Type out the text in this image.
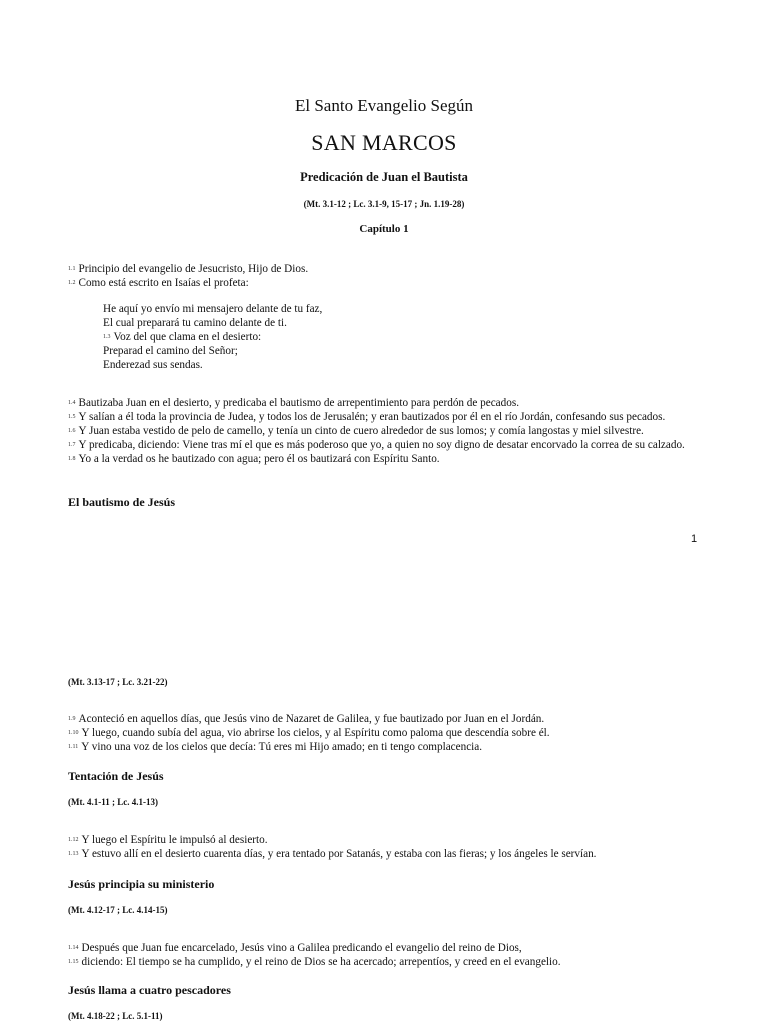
El Santo Evangelio Según
SAN MARCOS
Predicación de Juan el Bautista
(Mt. 3.1-12 ; Lc. 3.1-9, 15-17 ; Jn. 1.19-28)
Capítulo 1
1.1 Principio del evangelio de Jesucristo, Hijo de Dios.
1.2 Como está escrito en Isaías el profeta:
He aquí yo envío mi mensajero delante de tu faz,
El cual preparará tu camino delante de ti.
1.3 Voz del que clama en el desierto:
Preparad el camino del Señor;
Enderezad sus sendas.
1.4 Bautizaba Juan en el desierto, y predicaba el bautismo de arrepentimiento para perdón de pecados.
1.5 Y salían a él toda la provincia de Judea, y todos los de Jerusalén; y eran bautizados por él en el río Jordán, confesando sus pecados.
1.6 Y Juan estaba vestido de pelo de camello, y tenía un cinto de cuero alrededor de sus lomos; y comía langostas y miel silvestre.
1.7 Y predicaba, diciendo: Viene tras mí el que es más poderoso que yo, a quien no soy digno de desatar encorvado la correa de su calzado.
1.8 Yo a la verdad os he bautizado con agua; pero él os bautizará con Espíritu Santo.
El bautismo de Jesús
1
(Mt. 3.13-17 ; Lc. 3.21-22)
1.9 Aconteció en aquellos días, que Jesús vino de Nazaret de Galilea, y fue bautizado por Juan en el Jordán.
1.10 Y luego, cuando subía del agua, vio abrirse los cielos, y al Espíritu como paloma que descendía sobre él.
1.11 Y vino una voz de los cielos que decía: Tú eres mi Hijo amado; en ti tengo complacencia.
Tentación de Jesús
(Mt. 4.1-11 ; Lc. 4.1-13)
1.12 Y luego el Espíritu le impulsó al desierto.
1.13 Y estuvo allí en el desierto cuarenta días, y era tentado por Satanás, y estaba con las fieras; y los ángeles le servían.
Jesús principia su ministerio
(Mt. 4.12-17 ; Lc. 4.14-15)
1.14 Después que Juan fue encarcelado, Jesús vino a Galilea predicando el evangelio del reino de Dios,
1.15 diciendo: El tiempo se ha cumplido, y el reino de Dios se ha acercado; arrepentíos, y creed en el evangelio.
Jesús llama a cuatro pescadores
(Mt. 4.18-22 ; Lc. 5.1-11)
